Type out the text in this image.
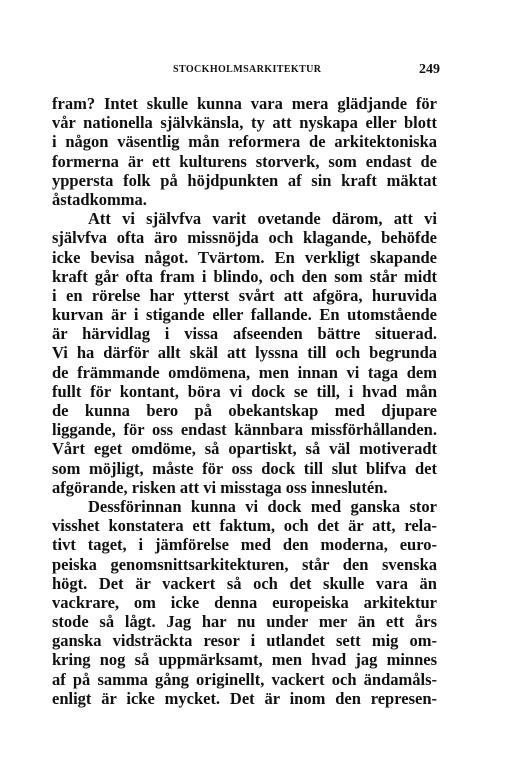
STOCKHOLMSARKITEKTUR	249
fram? Intet skulle kunna vara mera glädjande för
vår nationella självkänsla, ty att nyskapa eller blott
i någon väsentlig mån reformera de arkitektoniska
formerna är ett kulturens storverk, som endast de
yppersta folk på höjdpunkten af sin kraft mäktat
åstadkomma.
Att vi självfva varit ovetande därom, att vi
självfva ofta äro missnöjda och klagande, behöfde
icke bevisa något. Tvärtom. En verkligt skapande
kraft går ofta fram i blindo, och den som står midt
i en rörelse har ytterst svårt att afgöra, huruvida
kurvan är i stigande eller fallande. En utomstående
är härvidlag i vissa afseenden bättre situerad.
Vi ha därför allt skäl att lyssna till och begrunda
de främmande omdömena, men innan vi taga dem
fullt för kontant, böra vi dock se till, i hvad mån
de kunna bero på obekantskap med djupare
liggande, för oss endast kännbara missförhållanden.
Vårt eget omdöme, så opartiskt, så väl motiveradt
som möjligt, måste för oss dock till slut blifva det
afgörande, risken att vi misstaga oss inneslutén.
Dessförinnan kunna vi dock med ganska stor
visshet konstatera ett faktum, och det är att, rela-
tivt taget, i jämförelse med den moderna, euro-
peiska genomsnittsarkitekturen, står den svenska
högt. Det är vackert så och det skulle vara än
vackrare, om icke denna europeiska arkitektur
stode så lågt. Jag har nu under mer än ett års
ganska vidsträckta resor i utlandet sett mig om-
kring nog så uppmärksamt, men hvad jag minnes
af på samma gång originellt, vackert och ändamåls-
enligt är icke mycket. Det är inom den represen-
